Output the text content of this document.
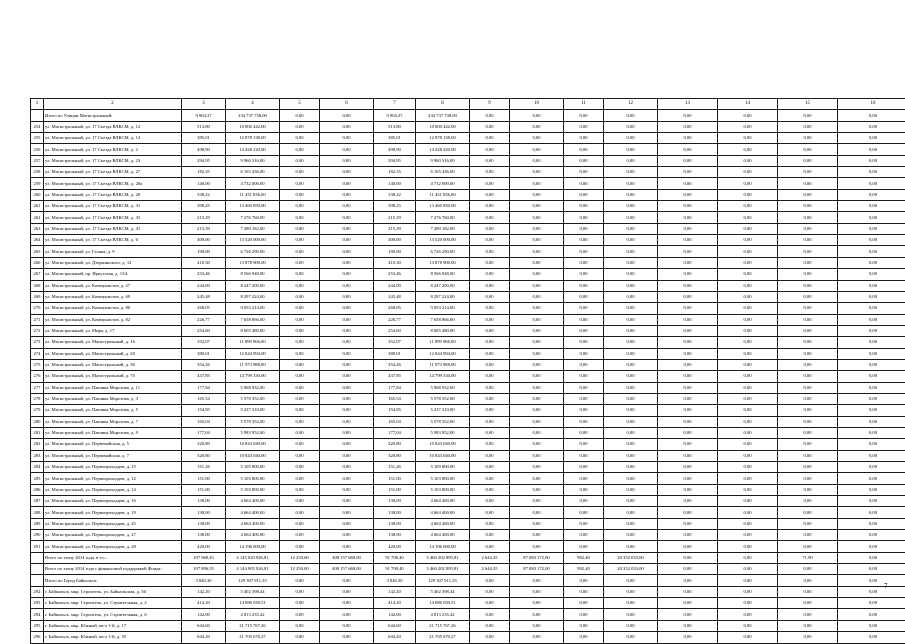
1	2	3	4	5	6	7	8	9	10	11	12	13	14	15	16
	Итого по Улицам Магистральный:	9 904,37	234 737 738,00	0,00	0,00	9 904,37	234 737 738,00	0,00	0,00	0,00	0,00	0,00	0,00	0,00	0,00
254	ул. Магистральный, ул. 17 Съезда ВЛКСМ, д. 12	513,80	10 800 442,00	0,00	0,00	513,80	10 800 442,00	0,00	0,00	0,00	0,00	0,00	0,00	0,00	0,00
255	ул. Магистральный, ул. 17 Съезда ВЛКСМ, д. 14	385,01	12 878 138,00	0,00	0,00	385,01	12 878 138,00	0,00	0,00	0,00	0,00	0,00	0,00	0,00	0,00
256	ул. Магистральный, ул. 17 Съезда ВЛКСМ, д. 2	498,90	14 428 220,00	0,00	0,00	498,90	14 428 220,00	0,00	0,00	0,00	0,00	0,00	0,00	0,00	0,00
257	ул. Магистральный, ул. 17 Съезда ВЛКСМ, д. 23	294,95	9 960 316,00	0,00	0,00	294,95	9 960 316,00	0,00	0,00	0,00	0,00	0,00	0,00	0,00	0,00
258	ул. Магистральный, ул. 17 Съезда ВЛКСМ, д. 27	182,35	6 165 436,00	0,00	0,00	182,35	6 165 436,00	0,00	0,00	0,00	0,00	0,00	0,00	0,00	0,00
259	ул. Магистральный, ул. 17 Съезда ВЛКСМ, д. 20а	140,00	4 732 000,00	0,00	0,00	140,00	4 732 000,00	0,00	0,00	0,00	0,00	0,00	0,00	0,00	0,00
260	ул. Магистральный, ул. 17 Съезда ВЛКСМ, д. 29	338,22	11 431 836,00	0,00	0,00	338,22	11 431 836,00	0,00	0,00	0,00	0,00	0,00	0,00	0,00	0,00
261	ул. Магистральный, ул. 17 Съезда ВЛКСМ, д. 31	398,25	13 460 850,00	0,00	0,00	398,25	13 460 850,00	0,00	0,00	0,00	0,00	0,00	0,00	0,00	0,00
262	ул. Магистральный, ул. 17 Съезда ВЛКСМ, д. 33	215,29	7 276 760,00	0,00	0,00	215,29	7 276 760,00	0,00	0,00	0,00	0,00	0,00	0,00	0,00	0,00
263	ул. Магистральный, ул. 17 Съезда ВЛКСМ, д. 41	215,39	7 280 182,00	0,00	0,00	215,39	7 280 182,00	0,00	0,00	0,00	0,00	0,00	0,00	0,00	0,00
264	ул. Магистральный, ул. 17 Съезда ВЛКСМ, д. 6	400,00	13 520 000,00	0,00	0,00	400,00	13 520 000,00	0,00	0,00	0,00	0,00	0,00	0,00	0,00	0,00
265	ул. Магистральный, ул. Гаснка, д. 9	190,00	6 726 290,00	0,00	0,00	190,00	6 726 290,00	0,00	0,00	0,00	0,00	0,00	0,00	0,00	0,00
266	ул. Магистральный, ул. Дзержинского, д. 12	410,30	13 878 900,00	0,00	0,00	410,30	13 878 900,00	0,00	0,00	0,00	0,00	0,00	0,00	0,00	0,00
267	ул. Магистральный, пр. Иркутская, д. 13А	253,46	8 566 948,00	0,00	0,00	253,46	8 566 948,00	0,00	0,00	0,00	0,00	0,00	0,00	0,00	0,00
268	ул. Магистральный, ул. Коммунистов, д. 27	244,00	8 247 200,00	0,00	0,00	244,00	8 247 200,00	0,00	0,00	0,00	0,00	0,00	0,00	0,00	0,00
269	ул. Магистральный, ул. Коммунистов, д. 69	245,48	8 297 224,00	0,00	0,00	245,48	8 297 224,00	0,00	0,00	0,00	0,00	0,00	0,00	0,00	0,00
270	ул. Магистральный, ул. Коммунистов, д. 80	268,05	9 053 214,00	0,00	0,00	268,05	9 053 214,00	0,00	0,00	0,00	0,00	0,00	0,00	0,00	0,00
271	ул. Магистральный, ул. Коммунистов, д. 82	226,77	7 658 866,00	0,00	0,00	226,77	7 658 866,00	0,00	0,00	0,00	0,00	0,00	0,00	0,00	0,00
272	ул. Магистральный, ул. Мира, д. 17	254,60	8 605 480,00	0,00	0,00	254,60	8 605 480,00	0,00	0,00	0,00	0,00	0,00	0,00	0,00	0,00
273	ул. Магистральный, ул. Магистральный, д. 16	352,07	11 899 966,00	0,00	0,00	352,07	11 899 966,00	0,00	0,00	0,00	0,00	0,00	0,00	0,00	0,00
274	ул. Магистральный, ул. Магистральный, д. 20	380,01	12 844 994,00	0,00	0,00	380,01	12 844 994,00	0,00	0,00	0,00	0,00	0,00	0,00	0,00	0,00
275	ул. Магистральный, ул. Магистральный, д. 36	354,26	11 973 988,00	0,00	0,00	354,26	11 973 988,00	0,00	0,00	0,00	0,00	0,00	0,00	0,00	0,00
276	ул. Магистральный, ул. Магистральный, д. 70	437,85	14 799 330,00	0,00	0,00	437,85	14 799 330,00	0,00	0,00	0,00	0,00	0,00	0,00	0,00	0,00
277	ул. Магистральный, ул. Павлика Морозова, д. 11	177,84	5 968 932,00	0,00	0,00	177,84	5 968 932,00	0,00	0,00	0,00	0,00	0,00	0,00	0,00	0,00
278	ул. Магистральный, ул. Павлика Морозова, д. 3	165,54	5 578 352,00	0,00	0,00	165,54	5 578 352,00	0,00	0,00	0,00	0,00	0,00	0,00	0,00	0,00
279	ул. Магистральный, ул. Павлика Морозова, д. 5	154,95	5 237 310,00	0,00	0,00	154,95	5 237 310,00	0,00	0,00	0,00	0,00	0,00	0,00	0,00	0,00
280	ул. Магистральный, ул. Павлика Морозова, д. 7	165,04	5 578 352,00	0,00	0,00	165,04	5 578 352,00	0,00	0,00	0,00	0,00	0,00	0,00	0,00	0,00
281	ул. Магистральный, ул. Павлика Морозова, д. 9	177,04	5 983 952,00	0,00	0,00	177,04	5 983 952,00	0,00	0,00	0,00	0,00	0,00	0,00	0,00	0,00
282	ул. Магистральный, ул. Первомайская, д. 5	320,80	10 843 040,00	0,00	0,00	320,80	10 843 040,00	0,00	0,00	0,00	0,00	0,00	0,00	0,00	0,00
283	ул. Магистральный, ул. Первомайская, д. 7	320,80	10 843 040,00	0,00	0,00	320,80	10 843 040,00	0,00	0,00	0,00	0,00	0,00	0,00	0,00	0,00
284	ул. Магистральный, ул. Первопроходцев, д. 15	151,26	5 105 800,00	0,00	0,00	151,26	5 109 800,00	0,00	0,00	0,00	0,00	0,00	0,00	0,00	0,00
285	ул. Магистральный, ул. Первопроходцев, д. 12	151,00	5 103 800,00	0,00	0,00	151,00	5 103 800,00	0,00	0,00	0,00	0,00	0,00	0,00	0,00	0,00
286	ул. Магистральный, ул. Первопроходцев, д. 14	151,00	5 103 800,00	0,00	0,00	151,00	5 103 800,00	0,00	0,00	0,00	0,00	0,00	0,00	0,00	0,00
287	ул. Магистральный, ул. Первопроходцев, д. 16	138,00	4 664 400,00	0,00	0,00	138,00	4 664 400,00	0,00	0,00	0,00	0,00	0,00	0,00	0,00	0,00
288	ул. Магистральный, ул. Первопроходцев, д. 19	138,00	4 664 400,00	0,00	0,00	138,00	4 664 400,00	0,00	0,00	0,00	0,00	0,00	0,00	0,00	0,00
289	ул. Магистральный, ул. Первопроходцев, д. 25	138,00	4 664 400,00	0,00	0,00	138,00	4 664 400,00	0,00	0,00	0,00	0,00	0,00	0,00	0,00	0,00
290	ул. Магистральный, ул. Первопроходцев, д. 27	138,00	4 664 400,00	0,00	0,00	138,00	4 664 400,00	0,00	0,00	0,00	0,00	0,00	0,00	0,00	0,00
291	ул. Магистральный, ул. Первопроходцев, д. 28	420,00	14 196 000,00	0,00	0,00	420,00	14 196 000,00	0,00	0,00	0,00	0,00	0,00	0,00	0,00	0,00
	Всего по этапу 2014 года, в т.ч.:	107 968,45	4 145 020 926,81	12 250,00	408 157 668,00	91 708,40	3 460 202 895,81	2 644,35	87 083 172,00	982,40	20 352 033,00	0,00	0,00	71,90	0,00
	Всего по этапу 2014 года с финансовой поддержкой Фонда:	107 896,55	4 144 905 926,81	12 250,00	408 157 668,00	91 708,40	3 460 202 895,81	2 644,35	87 083 172,00	982,40	20 352 033,00	0,00	0,00	0,00	0,00
	Итого по Город Байкальск:	3 840,30	129 307 911,35	0,00	0,00	3 840,30	129 307 911,35	0,00	0,00	0,00	0,00	0,00	0,00	0,00	0,00
292	г. Байкальск, мкр. Строитель, ул. Байкальская, д. 36	142,20	5 402 398,44	0,00	0,00	142,20	5 402 398,44	0,00	0,00	0,00	0,00	0,00	0,00	0,00	0,00
293	г. Байкальск, мкр. Строитель, ул. Строительная, д. 2	414,20	14 086 039,51	0,00	0,00	414,20	14 086 039,51	0,00	0,00	0,00	0,00	0,00	0,00	0,00	0,00
294	г. Байкальск, мкр. Строитель, ул. Строительная, д. 6	142,00	4 813 235,42	0,00	0,00	142,00	4 813 235,42	0,00	0,00	0,00	0,00	0,00	0,00	0,00	0,00
295	г. Байкальск, мкр. Южный, кв-л 1-й, д. 17	644,60	21 715 767,26	0,00	0,00	644,60	21 715 767,26	0,00	0,00	0,00	0,00	0,00	0,00	0,00	0,00
296	г. Байкальск, мкр. Южный, кв-л 1-й, д. 55	644,20	21 705 670,27	0,00	0,00	644,20	21 705 670,27	0,00	0,00	0,00	0,00	0,00	0,00	0,00	0,00
7
